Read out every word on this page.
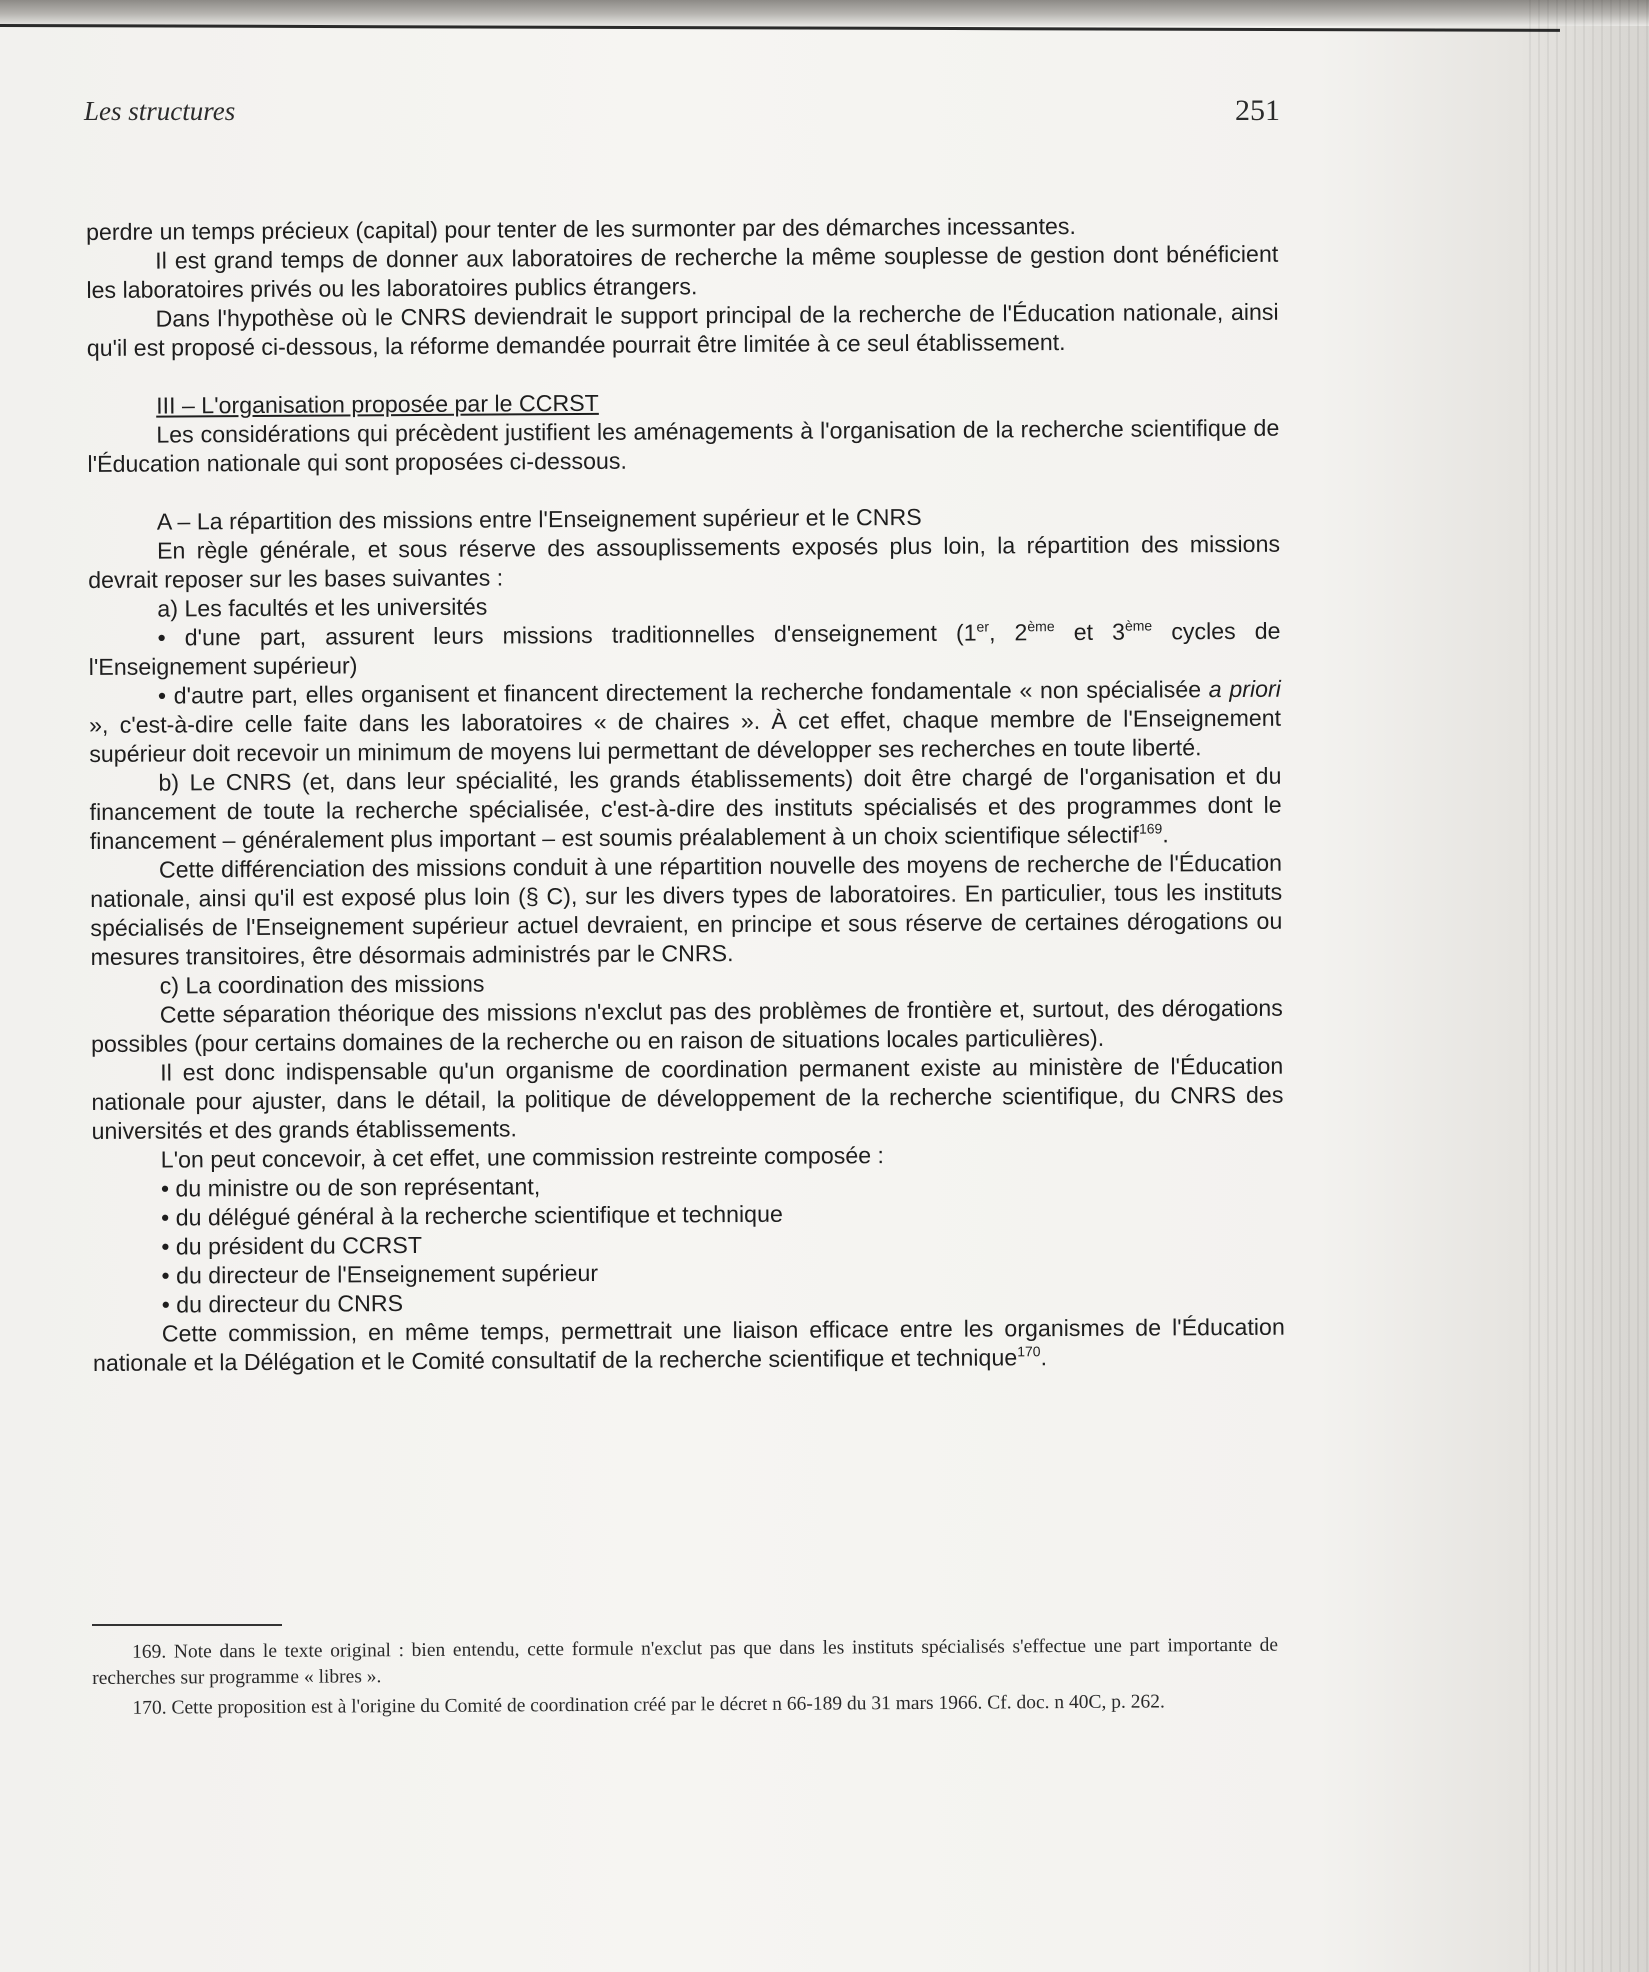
Les structures	251

perdre un temps précieux (capital) pour tenter de les surmonter par des démarches incessantes.

Il est grand temps de donner aux laboratoires de recherche la même souplesse de gestion dont bénéficient les laboratoires privés ou les laboratoires publics étrangers.

Dans l'hypothèse où le CNRS deviendrait le support principal de la recherche de l'Éducation nationale, ainsi qu'il est proposé ci-dessous, la réforme demandée pourrait être limitée à ce seul établissement.

III – L'organisation proposée par le CCRST

Les considérations qui précèdent justifient les aménagements à l'organisation de la recherche scientifique de l'Éducation nationale qui sont proposées ci-dessous.

A – La répartition des missions entre l'Enseignement supérieur et le CNRS

En règle générale, et sous réserve des assouplissements exposés plus loin, la répartition des missions devrait reposer sur les bases suivantes :

a) Les facultés et les universités

• d'une part, assurent leurs missions traditionnelles d'enseignement (1er, 2ème et 3ème cycles de l'Enseignement supérieur)

• d'autre part, elles organisent et financent directement la recherche fondamentale « non spécialisée a priori », c'est-à-dire celle faite dans les laboratoires « de chaires ». À cet effet, chaque membre de l'Enseignement supérieur doit recevoir un minimum de moyens lui permettant de développer ses recherches en toute liberté.

b) Le CNRS (et, dans leur spécialité, les grands établissements) doit être chargé de l'organisation et du financement de toute la recherche spécialisée, c'est-à-dire des instituts spécialisés et des programmes dont le financement – généralement plus important – est soumis préalablement à un choix scientifique sélectif$^{169}$.

Cette différenciation des missions conduit à une répartition nouvelle des moyens de recherche de l'Éducation nationale, ainsi qu'il est exposé plus loin (§ C), sur les divers types de laboratoires. En particulier, tous les instituts spécialisés de l'Enseignement supérieur actuel devraient, en principe et sous réserve de certaines dérogations ou mesures transitoires, être désormais administrés par le CNRS.

c) La coordination des missions

Cette séparation théorique des missions n'exclut pas des problèmes de frontière et, surtout, des dérogations possibles (pour certains domaines de la recherche ou en raison de situations locales particulières).

Il est donc indispensable qu'un organisme de coordination permanent existe au ministère de l'Éducation nationale pour ajuster, dans le détail, la politique de développement de la recherche scientifique, du CNRS des universités et des grands établissements.

L'on peut concevoir, à cet effet, une commission restreinte composée :

• du ministre ou de son représentant,

• du délégué général à la recherche scientifique et technique

• du président du CCRST

• du directeur de l'Enseignement supérieur

• du directeur du CNRS

Cette commission, en même temps, permettrait une liaison efficace entre les organismes de l'Éducation nationale et la Délégation et le Comité consultatif de la recherche scientifique et technique$^{170}$.

169. Note dans le texte original : bien entendu, cette formule n'exclut pas que dans les instituts spécialisés s'effectue une part importante de recherches sur programme « libres ».

170. Cette proposition est à l'origine du Comité de coordination créé par le décret n 66-189 du 31 mars 1966. Cf. doc. n 40C, p. 262.
